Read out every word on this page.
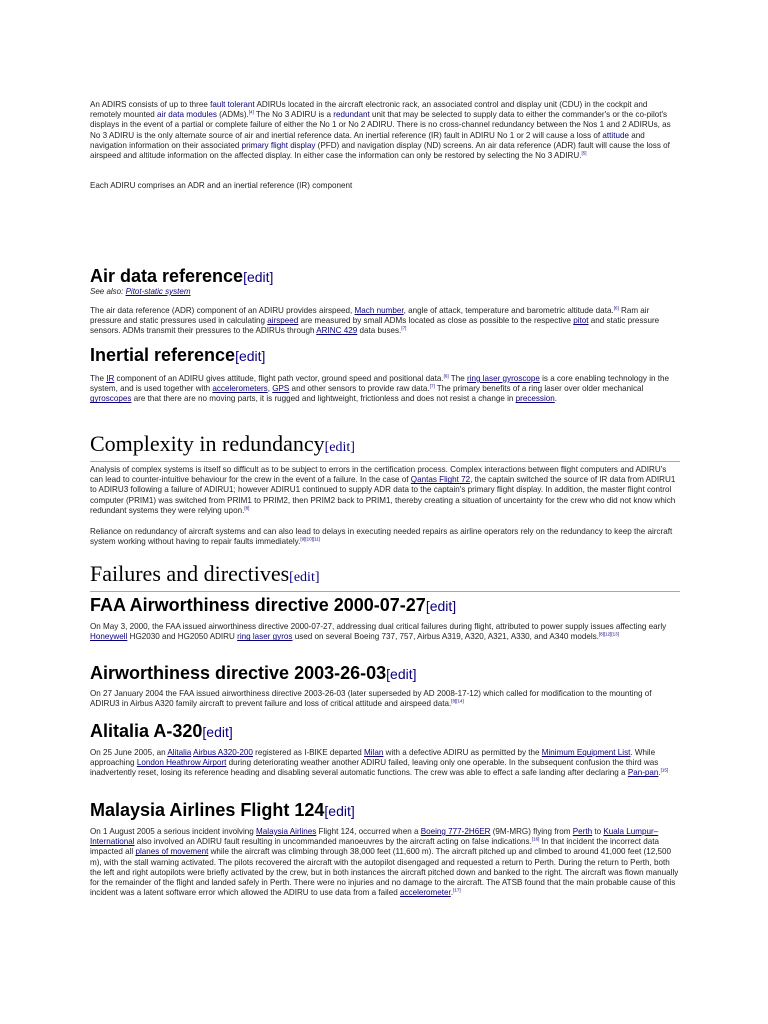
An ADIRS consists of up to three fault tolerant ADIRUs located in the aircraft electronic rack, an associated control and display unit (CDU) in the cockpit and remotely mounted air data modules (ADMs).[4] The No 3 ADIRU is a redundant unit that may be selected to supply data to either the commander's or the co-pilot's displays in the event of a partial or complete failure of either the No 1 or No 2 ADIRU. There is no cross-channel redundancy between the Nos 1 and 2 ADIRUs, as No 3 ADIRU is the only alternate source of air and inertial reference data. An inertial reference (IR) fault in ADIRU No 1 or 2 will cause a loss of attitude and navigation information on their associated primary flight display (PFD) and navigation display (ND) screens. An air data reference (ADR) fault will cause the loss of airspeed and altitude information on the affected display. In either case the information can only be restored by selecting the No 3 ADIRU.[5]

Each ADIRU comprises an ADR and an inertial reference (IR) component

Air data reference[edit]

See also: Pitot-static system

The air data reference (ADR) component of an ADIRU provides airspeed, Mach number, angle of attack, temperature and barometric altitude data.[6] Ram air pressure and static pressures used in calculating airspeed are measured by small ADMs located as close as possible to the respective pitot and static pressure sensors. ADMs transmit their pressures to the ADIRUs through ARINC 429 data buses.[7]

Inertial reference[edit]

The IR component of an ADIRU gives attitude, flight path vector, ground speed and positional data.[6] The ring laser gyroscope is a core enabling technology in the system, and is used together with accelerometers, GPS and other sensors to provide raw data.[7] The primary benefits of a ring laser over older mechanical gyroscopes are that there are no moving parts, it is rugged and lightweight, frictionless and does not resist a change in precession.

Complexity in redundancy[edit]

Analysis of complex systems is itself so difficult as to be subject to errors in the certification process. Complex interactions between flight computers and ADIRU's can lead to counter-intuitive behaviour for the crew in the event of a failure. In the case of Qantas Flight 72, the captain switched the source of IR data from ADIRU1 to ADIRU3 following a failure of ADIRU1; however ADIRU1 continued to supply ADR data to the captain's primary flight display. In addition, the master flight control computer (PRIM1) was switched from PRIM1 to PRIM2, then PRIM2 back to PRIM1, thereby creating a situation of uncertainty for the crew who did not know which redundant systems they were relying upon.[8]

Reliance on redundancy of aircraft systems and can also lead to delays in executing needed repairs as airline operators rely on the redundancy to keep the aircraft system working without having to repair faults immediately.[9][10][11]

Failures and directives[edit]
FAA Airworthiness directive 2000-07-27[edit]

On May 3, 2000, the FAA issued airworthiness directive 2000-07-27, addressing dual critical failures during flight, attributed to power supply issues affecting early Honeywell HG2030 and HG2050 ADIRU ring laser gyros used on several Boeing 737, 757, Airbus A319, A320, A321, A330, and A340 models.[8][12][13]

Airworthiness directive 2003-26-03[edit]

On 27 January 2004 the FAA issued airworthiness directive 2003-26-03 (later superseded by AD 2008-17-12) which called for modification to the mounting of ADIRU3 in Airbus A320 family aircraft to prevent failure and loss of critical attitude and airspeed data.[8][14]

Alitalia A-320[edit]

On 25 June 2005, an Alitalia Airbus A320-200 registered as I-BIKE departed Milan with a defective ADIRU as permitted by the Minimum Equipment List. While approaching London Heathrow Airport during deteriorating weather another ADIRU failed, leaving only one operable. In the subsequent confusion the third was inadvertently reset, losing its reference heading and disabling several automatic functions. The crew was able to effect a safe landing after declaring a Pan-pan.[15]

Malaysia Airlines Flight 124[edit]

On 1 August 2005 a serious incident involving Malaysia Airlines Flight 124, occurred when a Boeing 777-2H6ER (9M-MRG) flying from Perth to Kuala Lumpur–International also involved an ADIRU fault resulting in uncommanded manoeuvres by the aircraft acting on false indications.[16] In that incident the incorrect data impacted all planes of movement while the aircraft was climbing through 38,000 feet (11,600 m). The aircraft pitched up and climbed to around 41,000 feet (12,500 m), with the stall warning activated. The pilots recovered the aircraft with the autopilot disengaged and requested a return to Perth. During the return to Perth, both the left and right autopilots were briefly activated by the crew, but in both instances the aircraft pitched down and banked to the right. The aircraft was flown manually for the remainder of the flight and landed safely in Perth. There were no injuries and no damage to the aircraft. The ATSB found that the main probable cause of this incident was a latent software error which allowed the ADIRU to use data from a failed accelerometer.[17]
